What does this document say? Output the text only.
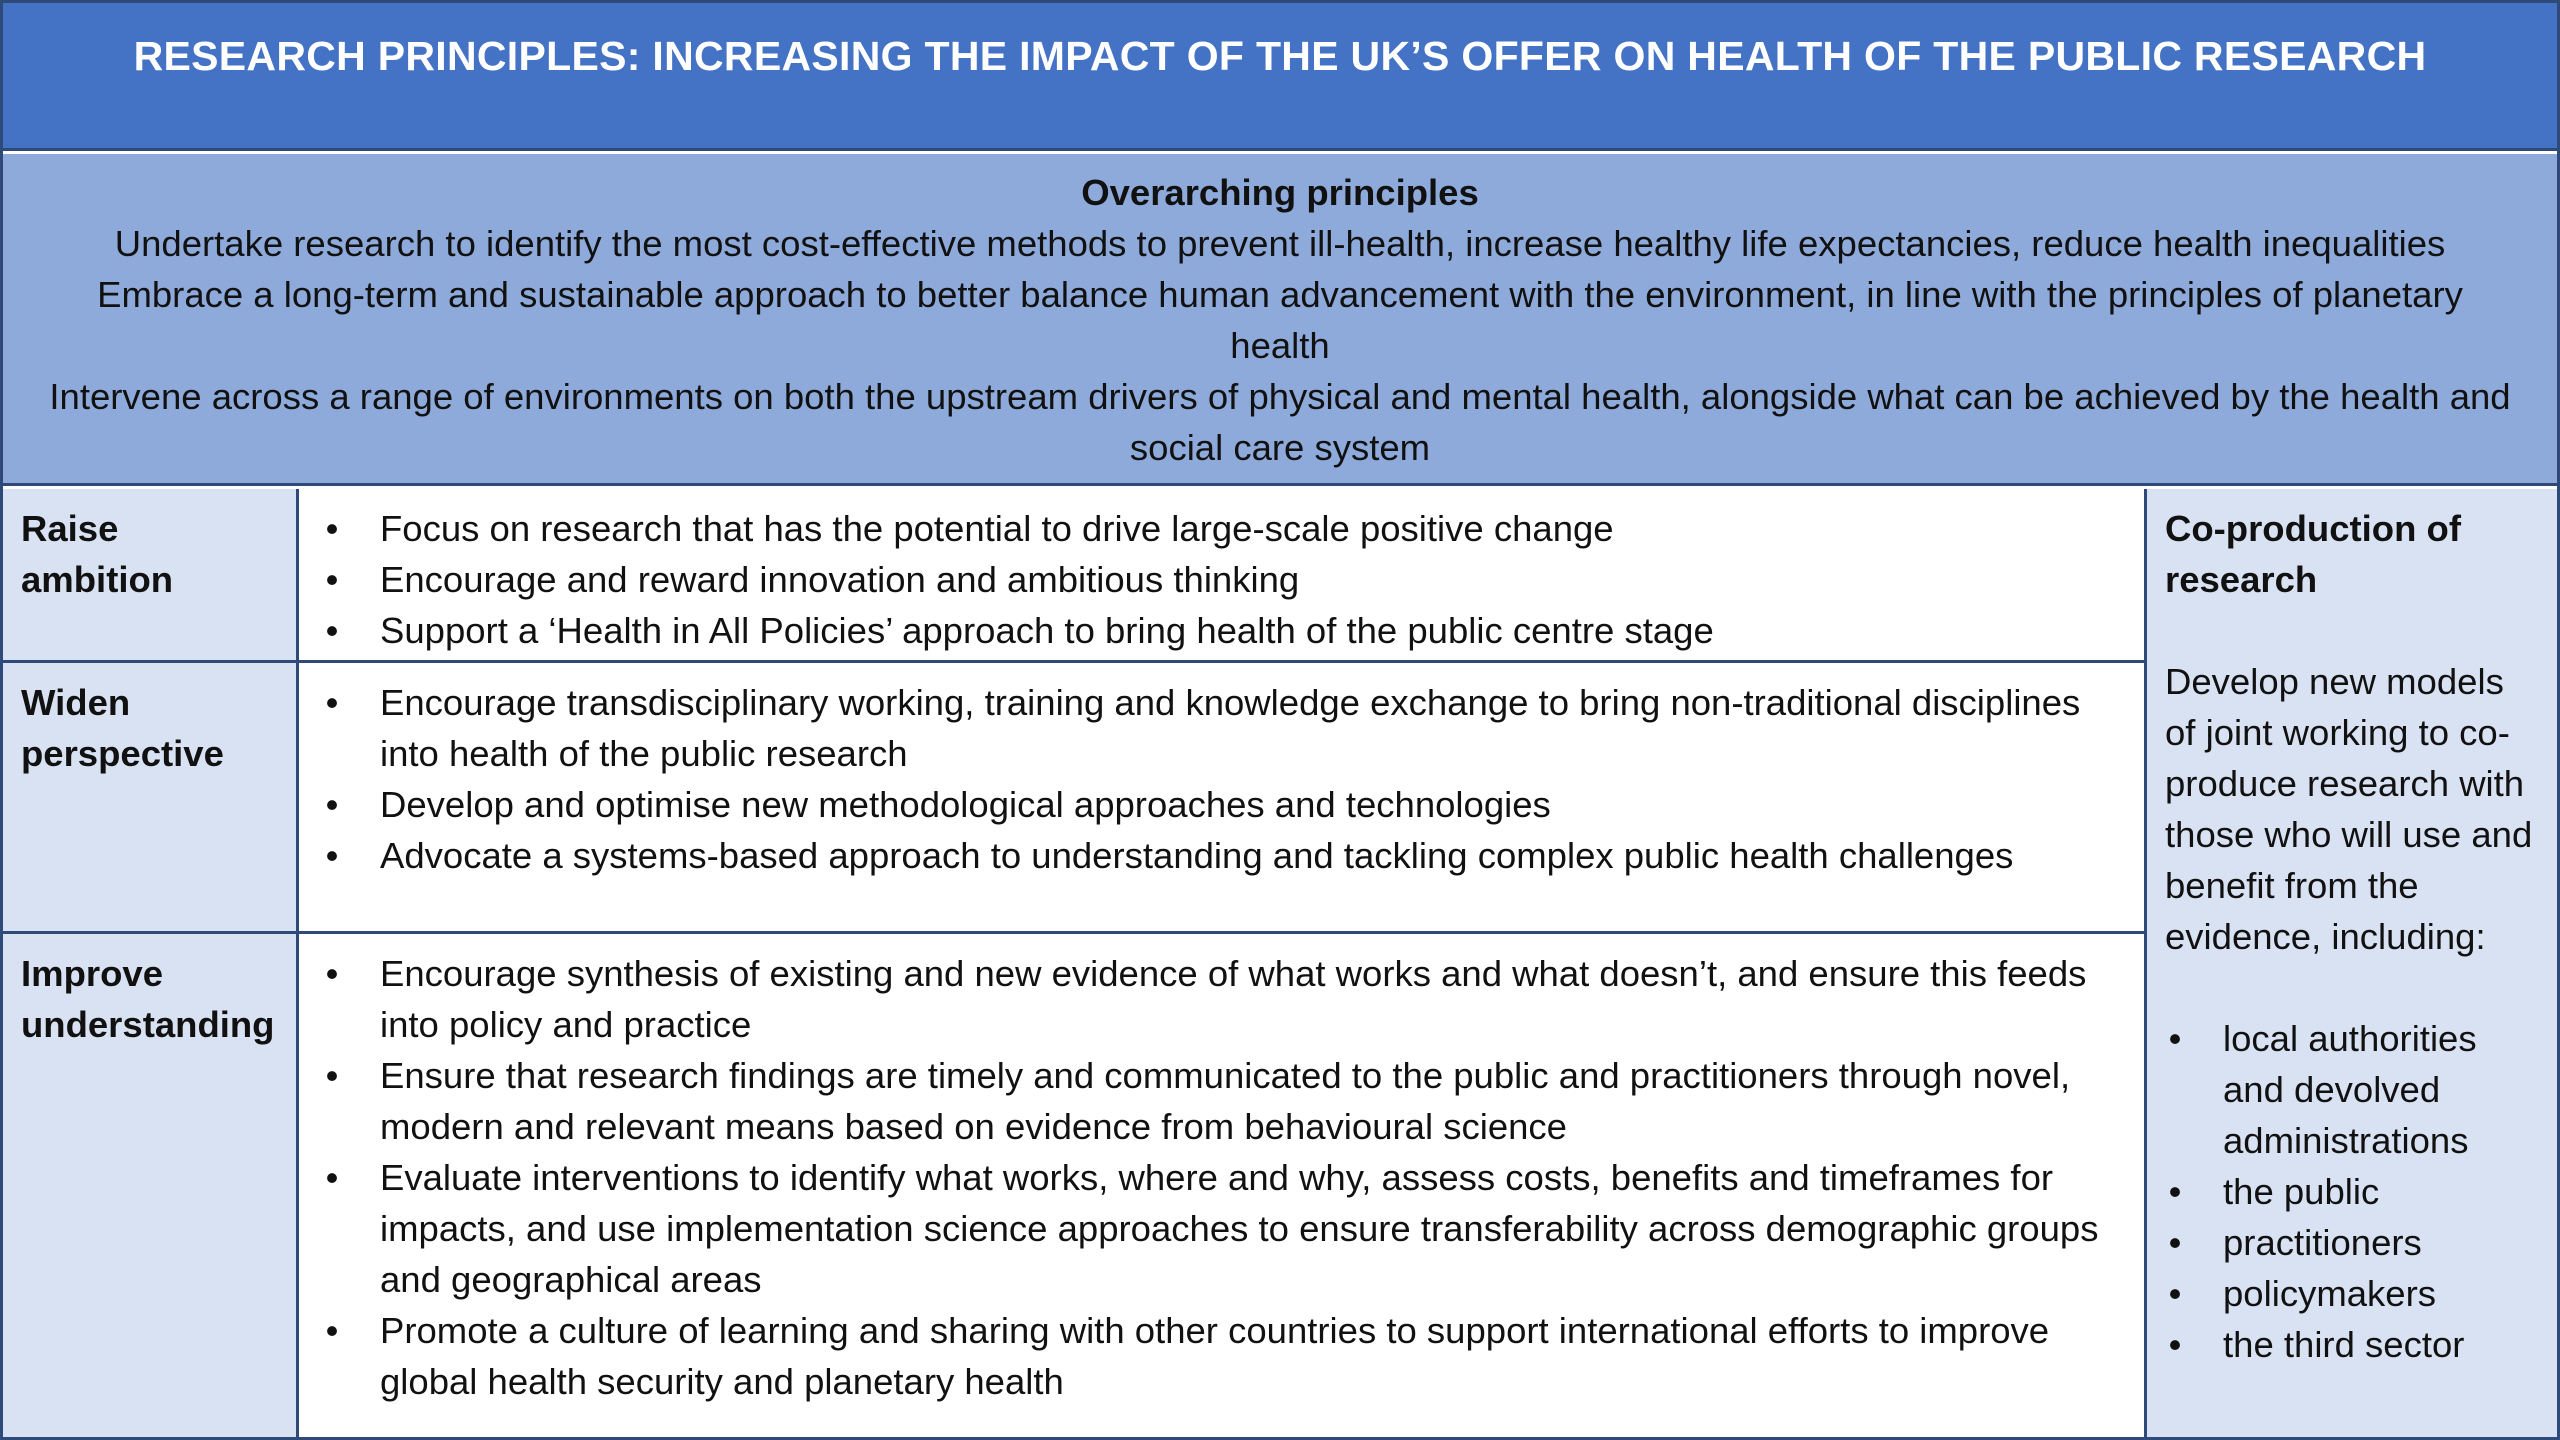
RESEARCH PRINCIPLES: INCREASING THE IMPACT OF THE UK’S OFFER ON HEALTH OF THE PUBLIC RESEARCH
Overarching principles
Undertake research to identify the most cost-effective methods to prevent ill-health, increase healthy life expectancies, reduce health inequalities
Embrace a long-term and sustainable approach to better balance human advancement with the environment, in line with the principles of planetary health
Intervene across a range of environments on both the upstream drivers of physical and mental health, alongside what can be achieved by the health and social care system
Raise ambition
• Focus on research that has the potential to drive large-scale positive change
• Encourage and reward innovation and ambitious thinking
• Support a ‘Health in All Policies’ approach to bring health of the public centre stage
Widen perspective
• Encourage transdisciplinary working, training and knowledge exchange to bring non-traditional disciplines into health of the public research
• Develop and optimise new methodological approaches and technologies
• Advocate a systems-based approach to understanding and tackling complex public health challenges
Improve understanding
• Encourage synthesis of existing and new evidence of what works and what doesn’t, and ensure this feeds into policy and practice
• Ensure that research findings are timely and communicated to the public and practitioners through novel, modern and relevant means based on evidence from behavioural science
• Evaluate interventions to identify what works, where and why, assess costs, benefits and timeframes for impacts, and use implementation science approaches to ensure transferability across demographic groups and geographical areas
• Promote a culture of learning and sharing with other countries to support international efforts to improve global health security and planetary health
Co-production of research
Develop new models of joint working to co-produce research with those who will use and benefit from the evidence, including:
• local authorities and devolved administrations
• the public
• practitioners
• policymakers
• the third sector
